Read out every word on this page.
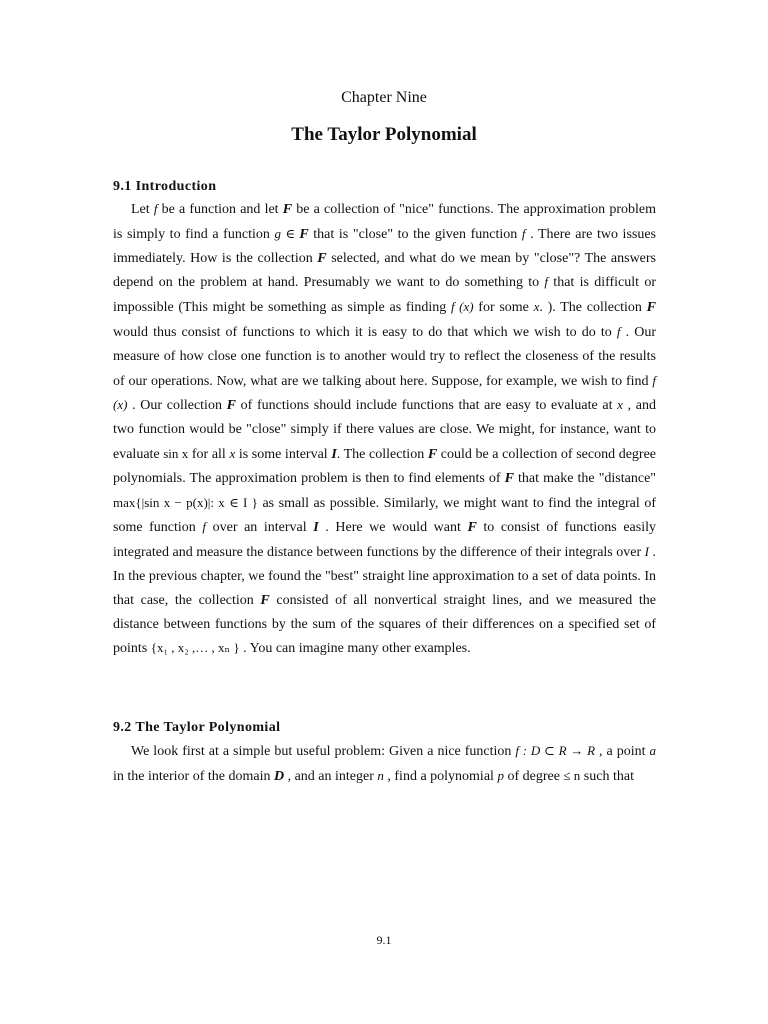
Chapter Nine
The Taylor Polynomial
9.1 Introduction

Let f be a function and let F be a collection of "nice" functions. The approximation problem is simply to find a function g ∈ F that is "close" to the given function f . There are two issues immediately. How is the collection F selected, and what do we mean by "close"? The answers depend on the problem at hand. Presumably we want to do something to f that is difficult or impossible (This might be something as simple as finding f (x) for some x. ). The collection F would thus consist of functions to which it is easy to do that which we wish to do to f . Our measure of how close one function is to another would try to reflect the closeness of the results of our operations. Now, what are we talking about here. Suppose, for example, we wish to find f (x) . Our collection F of functions should include functions that are easy to evaluate at x , and two function would be "close" simply if there values are close. We might, for instance, want to evaluate sin x for all x is some interval I. The collection F could be a collection of second degree polynomials. The approximation problem is then to find elements of F that make the "distance" max{|sin x − p(x)|: x ∈ I } as small as possible. Similarly, we might want to find the integral of some function f over an interval I . Here we would want F to consist of functions easily integrated and measure the distance between functions by the difference of their integrals over I . In the previous chapter, we found the "best" straight line approximation to a set of data points. In that case, the collection F consisted of all nonvertical straight lines, and we measured the distance between functions by the sum of the squares of their differences on a specified set of points {x₁ , x₂ ,… , xₙ } . You can imagine many other examples.

9.2 The Taylor Polynomial

We look first at a simple but useful problem: Given a nice function f : D ⊂ R → R , a point a in the interior of the domain D , and an integer n , find a polynomial p of degree ≤ n such that

9.1
